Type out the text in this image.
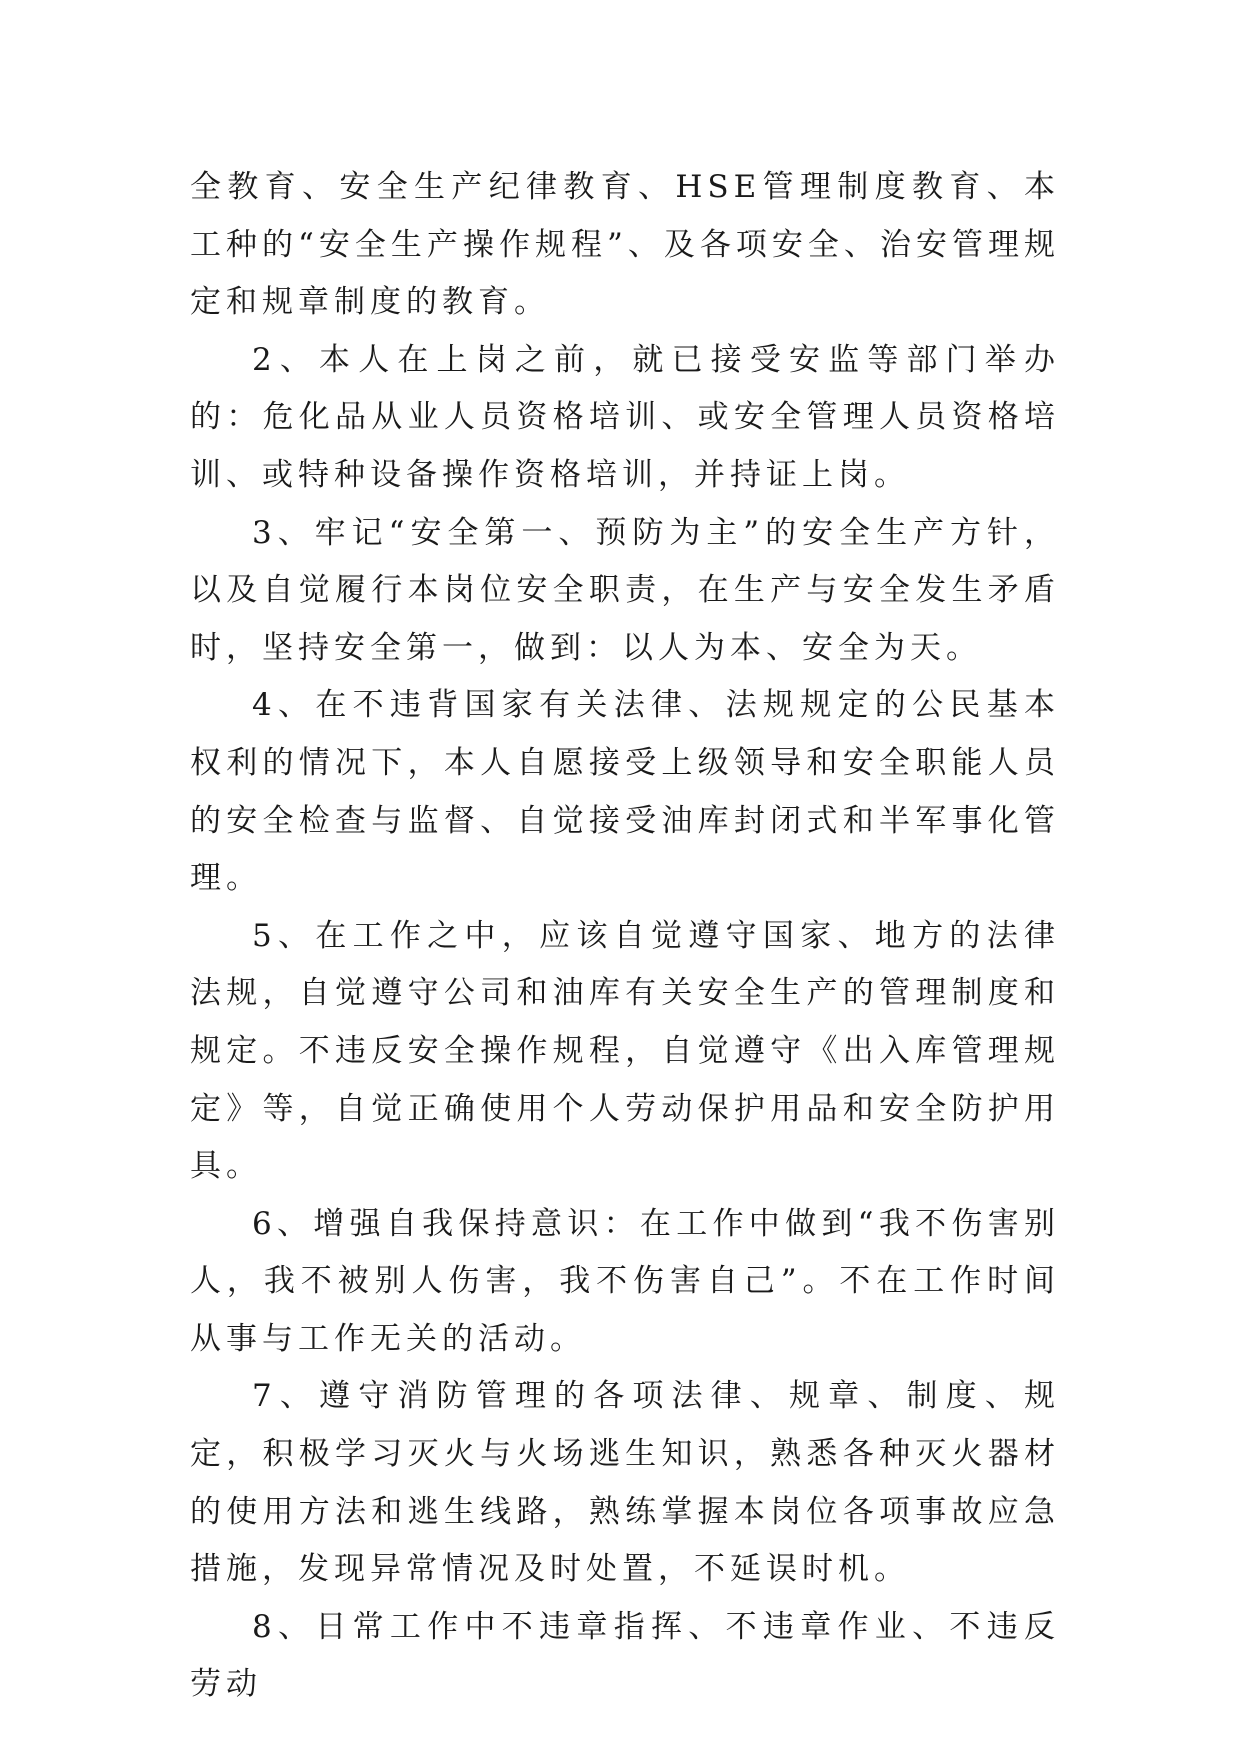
全教育、安全生产纪律教育、HSE管理制度教育、本工种的“安全生产操作规程”、及各项安全、治安管理规定和规章制度的教育。

2、本人在上岗之前，就已接受安监等部门举办的：危化品从业人员资格培训、或安全管理人员资格培训、或特种设备操作资格培训，并持证上岗。

3、牢记“安全第一、预防为主”的安全生产方针，以及自觉履行本岗位安全职责，在生产与安全发生矛盾时，坚持安全第一，做到：以人为本、安全为天。

4、在不违背国家有关法律、法规规定的公民基本权利的情况下，本人自愿接受上级领导和安全职能人员的安全检查与监督、自觉接受油库封闭式和半军事化管理。

5、在工作之中，应该自觉遵守国家、地方的法律法规，自觉遵守公司和油库有关安全生产的管理制度和规定。不违反安全操作规程，自觉遵守《出入库管理规定》等，自觉正确使用个人劳动保护用品和安全防护用具。

6、增强自我保持意识：在工作中做到“我不伤害别人，我不被别人伤害，我不伤害自己”。不在工作时间从事与工作无关的活动。

7、遵守消防管理的各项法律、规章、制度、规定，积极学习灭火与火场逃生知识，熟悉各种灭火器材的使用方法和逃生线路，熟练掌握本岗位各项事故应急措施，发现异常情况及时处置，不延误时机。

8、日常工作中不违章指挥、不违章作业、不违反劳动
